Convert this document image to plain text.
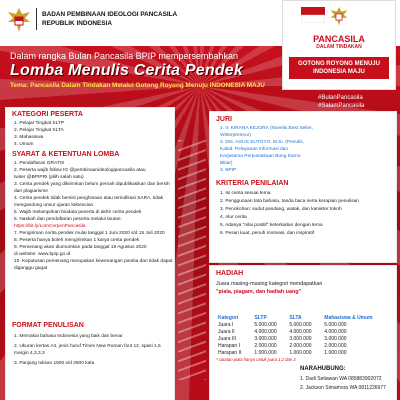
BADAN PEMBINAAN IDEOLOGI PANCASILA
REPUBLIK INDONESIA
PANCASILA
DALAM TINDAKAN
GOTONG ROYONG MENUJU
INDONESIA MAJU
Dalam rangka Bulan Pancasila BPIP mempersembahkan
Lomba Menulis Cerita Pendek
Tema: Pancasila Dalam Tindakan Melalui Gotong Royong Menuju INDONESIA MAJU
#BulanPancasila
#SalamPancasila
KATEGORI PESERTA
1. Pelajar Tingkat SLTP
2. Pelajar Tingkat SLTA
3. Mahasiswa
4. Umum
SYARAT & KETENTUAN LOMBA
1. Pendaftaran GRATIS
2. Peserta wajib follow IG @pembinaanideologipancasila atau
twiter @BPIPRI (pilih salah satu)
3. Cerita pendek yang dikirimkan belum pernah dipublikasikan dan bersih
dari plagiarisme
4. Cerita pendek tidak bersisi penghinaan atau terindikasi SARA, tidak
mengandung unsur ujaran kebencian
5. Wajib melampirkan biodata peserta di akhir cerita pendek
6. Naskah dan pendaftaran peserta melalui tautan:
https://bit.ly/LomCerpenPancasila
7. Pengiriman cerita pendek mulai tanggal 1 Juni 2020 s/d 15 Juli 2020
8. Peserta hanya boleh mengirimkan 1 karya cerita pendek
9. Pemenang akan diumumkan pada tanggal 18 Agustus 2020
di website: www.bpip.go.id
10. Keputusan pemenang merupakan kewenangan panitia dan tidak dapat
diganggu gugat
FORMAT PENULISAN
1. Memakai bahasa Indonesia yang baik dan benar
2. Ukuran kertas A4, jenis huruf Times New Roman font 12, spasi 1,5
margin 4,3,3,3
3. Panjang tulisan 1500 s/d 2500 kata
JURI
1. Ir. KIRANA KEJORA (Novelis Best Seller,
Writerpreneur)
2. Drs. AGUS SUTOYO, M.Si. (Penulis,
Kabid. Pelayanan Informasi dan
Kerjasama Perpustakaan Bung Karno
Blitar)
3. BPIP
KRITERIA PENILAIAN
1. Isi cerita sesuai tema
2. Penggunaan tata bahasa, tanda baca serta kerapian penulisan
3. Penokohan: sudut pandang, watak, dan karakter tokoh
4. Alur cerita
5. Adanya "nilai positif" keterkaitan dengan tema
6. Pesan kuat, penuh motivasi, dan inspiratif
HADIAH
Juara masing-masing kategori mendapatkan
"piala, piagam, dan hadiah uang"
Kategori	SLTP	SLTA	Mahasiswa & Umum
Juara I	5.000.000	5.000.000	5.000.000
Juara II	4.000.000	4.000.000	4.000.000
Juara III	3.000.000	3.000.000	3.000.000
Harapan I	2.000.000	2.000.000	2.000.000
Harapan II	1.000.000	1.000.000	1.000.000
* catatan piala hanya untuk juara 1,2 dan 3
NARAHUBUNG:
1. Dadi Setiawan WA 085883902072
2. Jackson Simamora WA 0811226977
